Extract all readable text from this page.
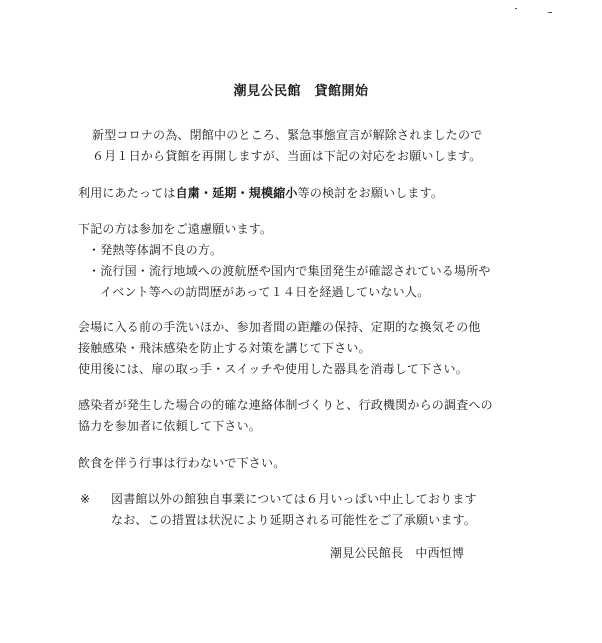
潮見公民館　貸館開始
新型コロナの為、閉館中のところ、緊急事態宣言が解除されましたので
６月１日から貸館を再開しますが、当面は下記の対応をお願いします。
利用にあたっては自粛・延期・規模縮小等の検討をお願いします。
下記の方は参加をご遠慮願います。
・発熱等体調不良の方。
・流行国・流行地域への渡航歴や国内で集団発生が確認されている場所や
イベント等への訪問歴があって１４日を経過していない人。
会場に入る前の手洗いほか、参加者間の距離の保持、定期的な換気その他
接触感染・飛沫感染を防止する対策を講じて下さい。
使用後には、扉の取っ手・スイッチや使用した器具を消毒して下さい。
感染者が発生した場合の的確な連絡体制づくりと、行政機関からの調査への
協力を参加者に依頼して下さい。
飲食を伴う行事は行わないで下さい。
※ 図書館以外の館独自事業については６月いっぱい中止しております
なお、この措置は状況により延期される可能性をご了承願います。
潮見公民館長　中西恒博
